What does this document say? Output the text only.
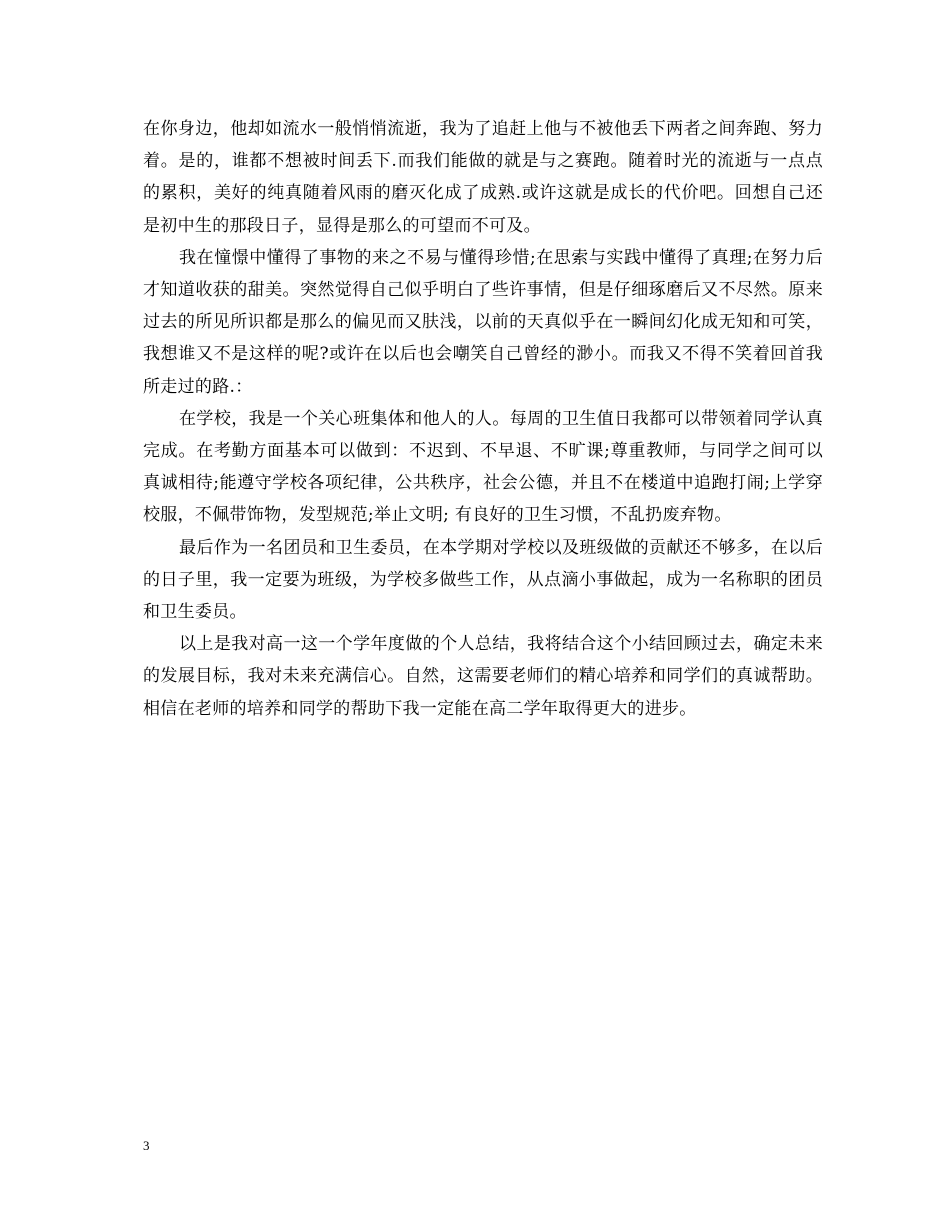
在你身边，他却如流水一般悄悄流逝，我为了追赶上他与不被他丢下两者之间奔跑、努力着。是的，谁都不想被时间丢下.而我们能做的就是与之赛跑。随着时光的流逝与一点点的累积，美好的纯真随着风雨的磨灭化成了成熟.或许这就是成长的代价吧。回想自己还是初中生的那段日子，显得是那么的可望而不可及。

我在憧憬中懂得了事物的来之不易与懂得珍惜;在思索与实践中懂得了真理;在努力后才知道收获的甜美。突然觉得自己似乎明白了些许事情，但是仔细琢磨后又不尽然。原来过去的所见所识都是那么的偏见而又肤浅，以前的天真似乎在一瞬间幻化成无知和可笑，我想谁又不是这样的呢?或许在以后也会嘲笑自己曾经的渺小。而我又不得不笑着回首我所走过的路.：

在学校，我是一个关心班集体和他人的人。每周的卫生值日我都可以带领着同学认真完成。在考勤方面基本可以做到：不迟到、不早退、不旷课;尊重教师，与同学之间可以真诚相待;能遵守学校各项纪律，公共秩序，社会公德，并且不在楼道中追跑打闹;上学穿校服，不佩带饰物，发型规范;举止文明; 有良好的卫生习惯，不乱扔废弃物。

最后作为一名团员和卫生委员，在本学期对学校以及班级做的贡献还不够多，在以后的日子里，我一定要为班级，为学校多做些工作，从点滴小事做起，成为一名称职的团员和卫生委员。

以上是我对高一这一个学年度做的个人总结，我将结合这个小结回顾过去，确定未来的发展目标，我对未来充满信心。自然，这需要老师们的精心培养和同学们的真诚帮助。相信在老师的培养和同学的帮助下我一定能在高二学年取得更大的进步。

3
